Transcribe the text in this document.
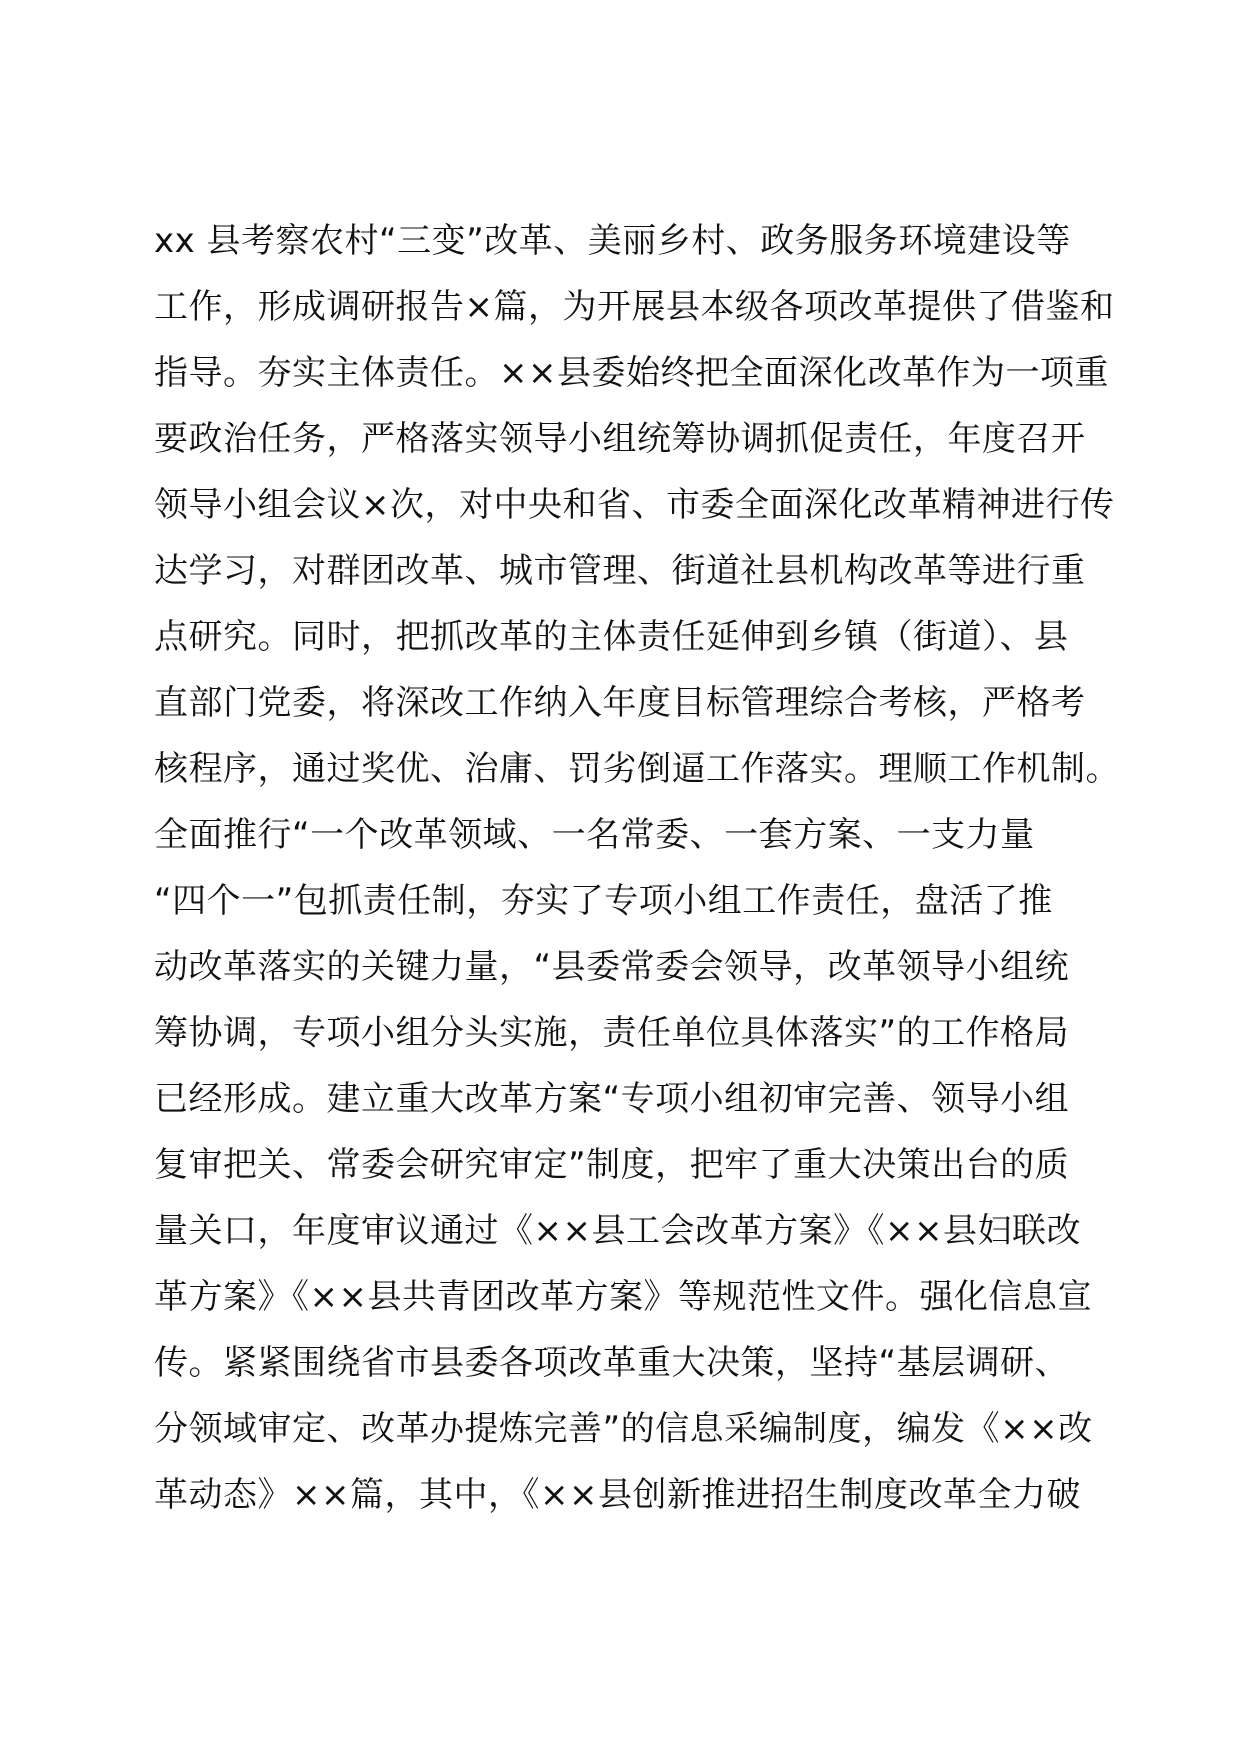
xx 县考察农村“三变”改革、美丽乡村、政务服务环境建设等
工作，形成调研报告×篇，为开展县本级各项改革提供了借鉴和
指导。夯实主体责任。××县委始终把全面深化改革作为一项重
要政治任务，严格落实领导小组统筹协调抓促责任，年度召开
领导小组会议×次，对中央和省、市委全面深化改革精神进行传
达学习，对群团改革、城市管理、街道社县机构改革等进行重
点研究。同时，把抓改革的主体责任延伸到乡镇（街道）、县
直部门党委，将深改工作纳入年度目标管理综合考核，严格考
核程序，通过奖优、治庸、罚劣倒逼工作落实。理顺工作机制。
全面推行“一个改革领域、一名常委、一套方案、一支力量
“四个一”包抓责任制，夯实了专项小组工作责任，盘活了推
动改革落实的关键力量，“县委常委会领导，改革领导小组统
筹协调，专项小组分头实施，责任单位具体落实”的工作格局
已经形成。建立重大改革方案“专项小组初审完善、领导小组
复审把关、常委会研究审定”制度，把牢了重大决策出台的质
量关口，年度审议通过《××县工会改革方案》《××县妇联改
革方案》《××县共青团改革方案》等规范性文件。强化信息宣
传。紧紧围绕省市县委各项改革重大决策，坚持“基层调研、
分领域审定、改革办提炼完善”的信息采编制度，编发《××改
革动态》××篇，其中，《××县创新推进招生制度改革全力破
